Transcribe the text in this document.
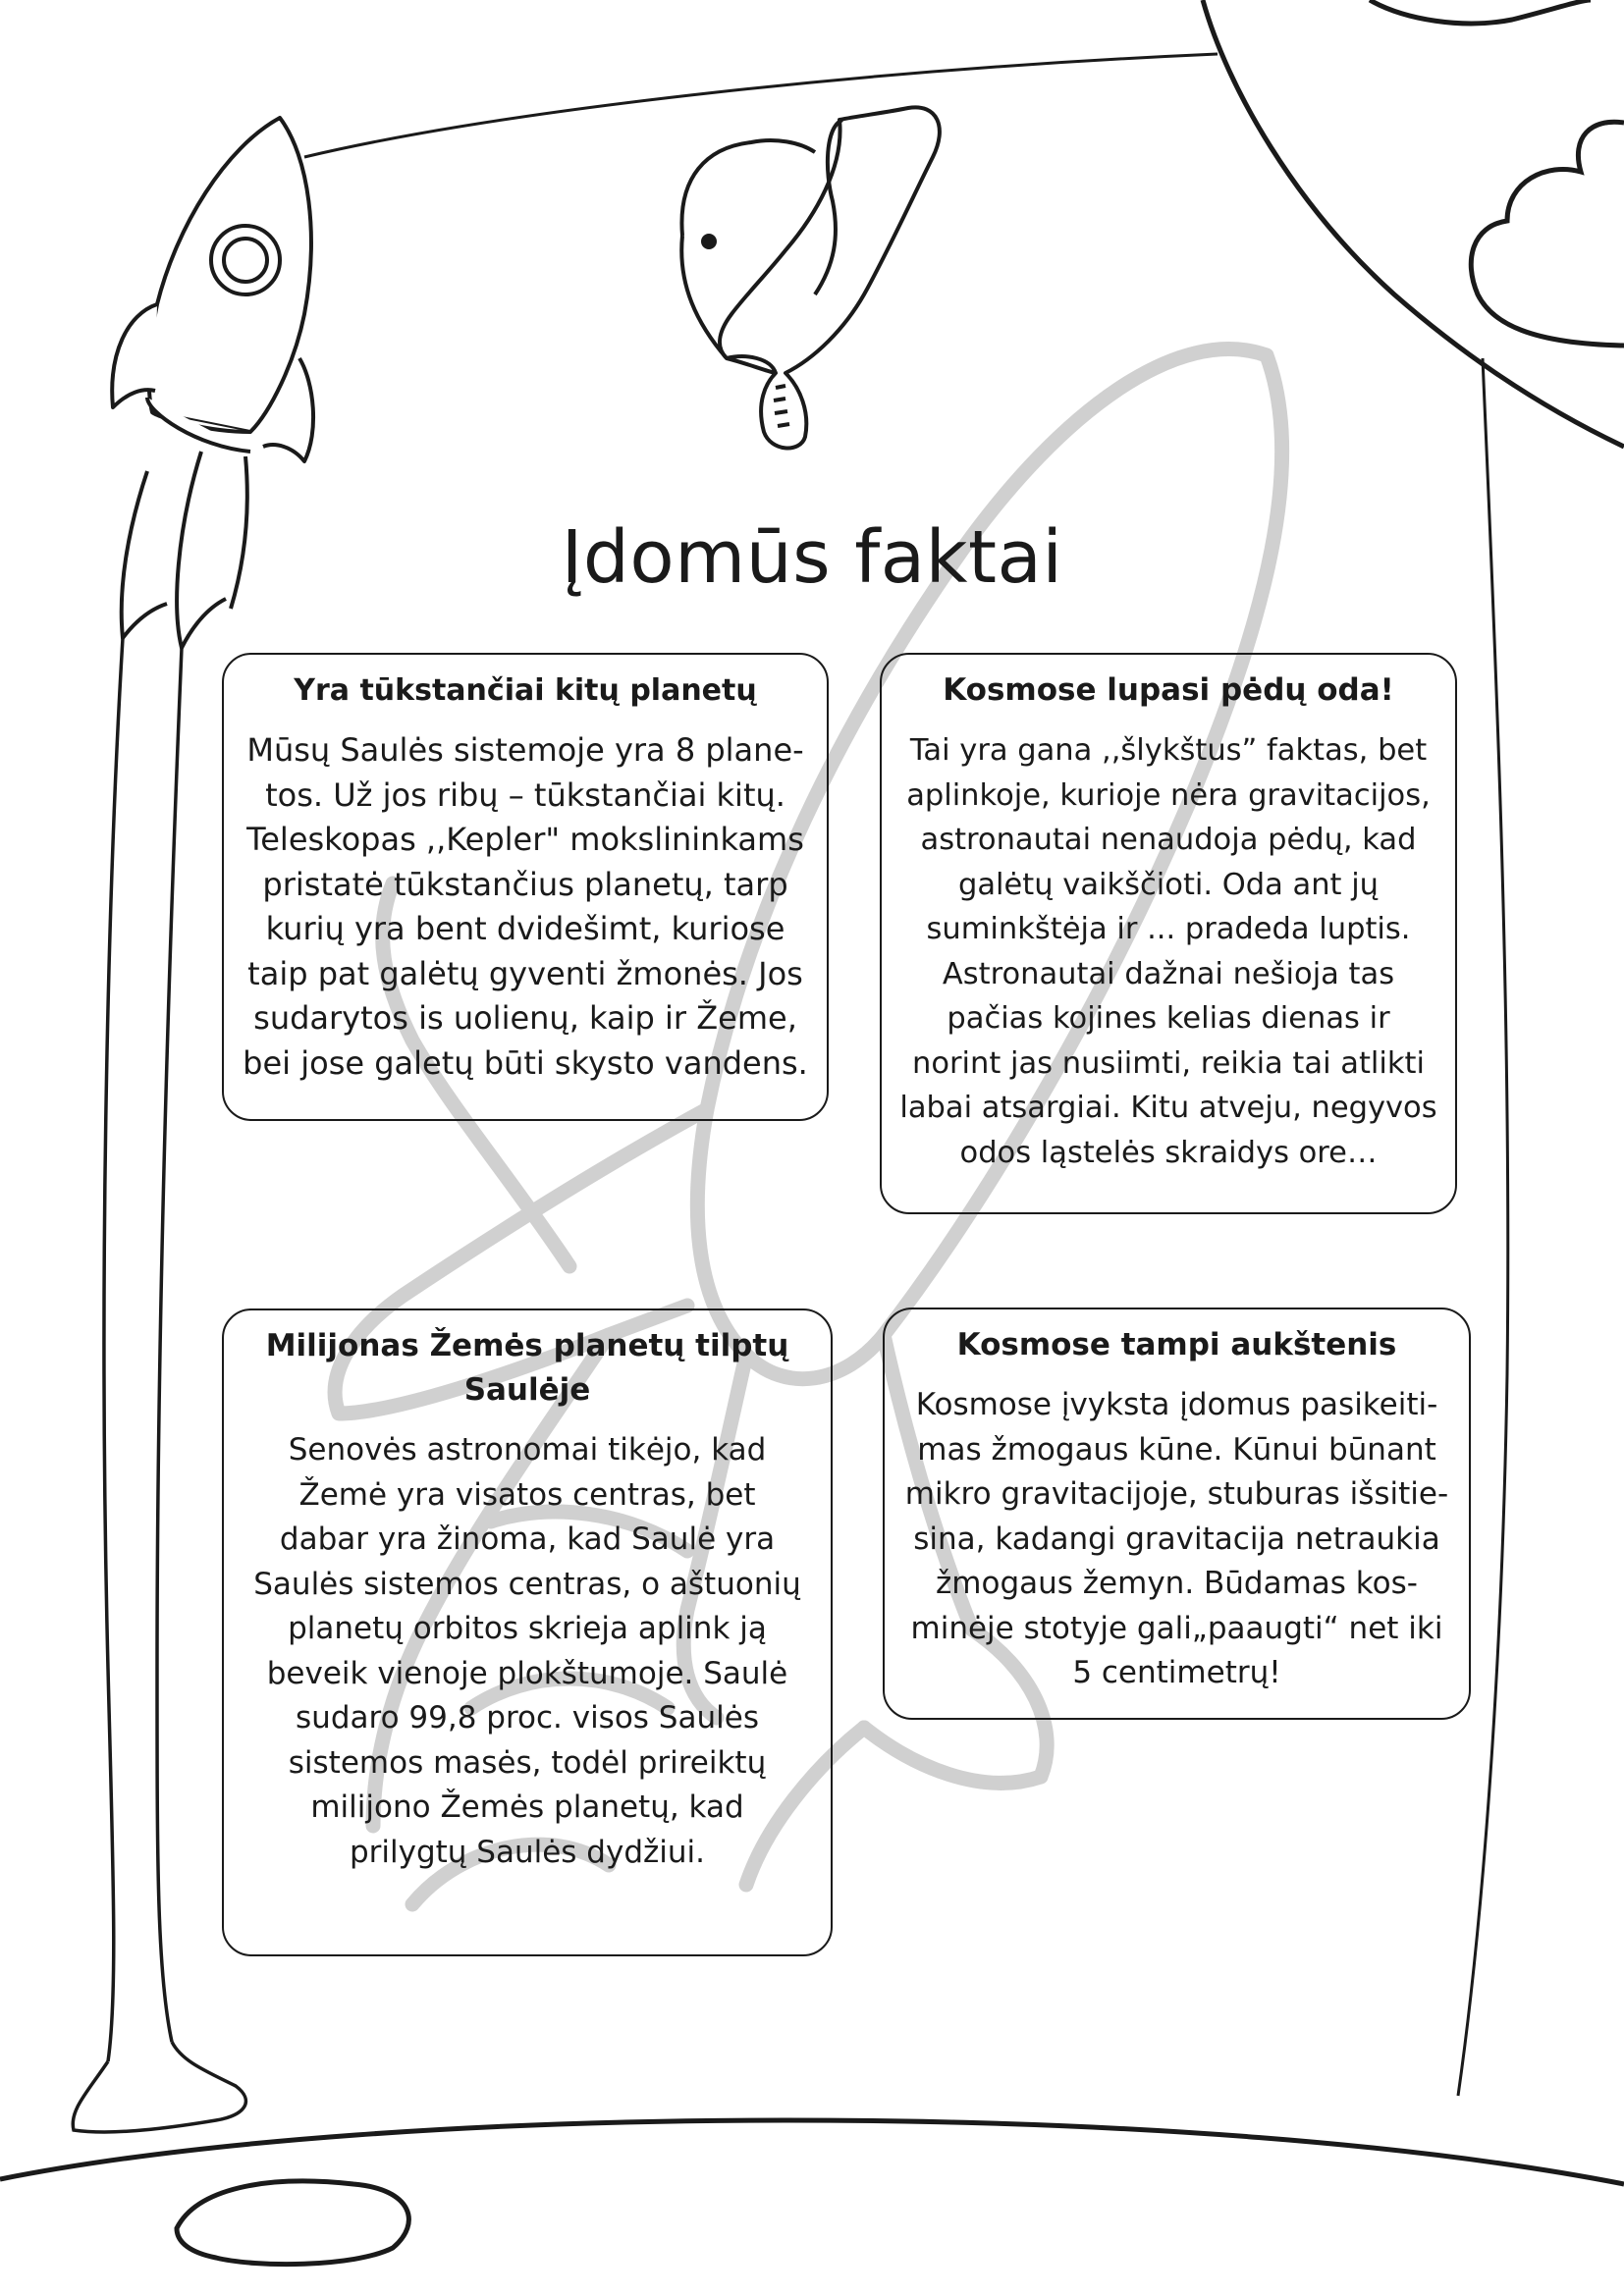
Įdomūs faktai

Yra tūkstančiai kitų planetų

Mūsų Saulės sistemoje yra 8 plane-
tos. Už jos ribų – tūkstančiai kitų.
Teleskopas ,,Kepler" mokslininkams
pristatė tūkstančius planetų, tarp
kurių yra bent dvidešimt, kuriose
taip pat galėtų gyventi žmonės. Jos
sudarytos is uolienų, kaip ir Žeme,
bei jose galetų būti skysto vandens.

Kosmose lupasi pėdų oda!

Tai yra gana ,,šlykštus” faktas, bet
aplinkoje, kurioje nėra gravitacijos,
astronautai nenaudoja pėdų, kad
galėtų vaikščioti. Oda ant jų
suminkštėja ir ... pradeda luptis.
Astronautai dažnai nešioja tas
pačias kojines kelias dienas ir
norint jas nusiimti, reikia tai atlikti
labai atsargiai. Kitu atveju, negyvos
odos ląstelės skraidys ore…

Milijonas Žemės planetų tilptų
Saulėje

Senovės astronomai tikėjo, kad
Žemė yra visatos centras, bet
dabar yra žinoma, kad Saulė yra
Saulės sistemos centras, o aštuonių
planetų orbitos skrieja aplink ją
beveik vienoje plokštumoje. Saulė
sudaro 99,8 proc. visos Saulės
sistemos masės, todėl prireiktų
milijono Žemės planetų, kad
prilygtų Saulės dydžiui.

Kosmose tampi aukštenis

Kosmose įvyksta įdomus pasikeiti-
mas žmogaus kūne. Kūnui būnant
mikro gravitacijoje, stuburas išsitie-
sina, kadangi gravitacija netraukia
žmogaus žemyn. Būdamas kos-
minėje stotyje gali„paaugti“ net iki
5 centimetrų!
